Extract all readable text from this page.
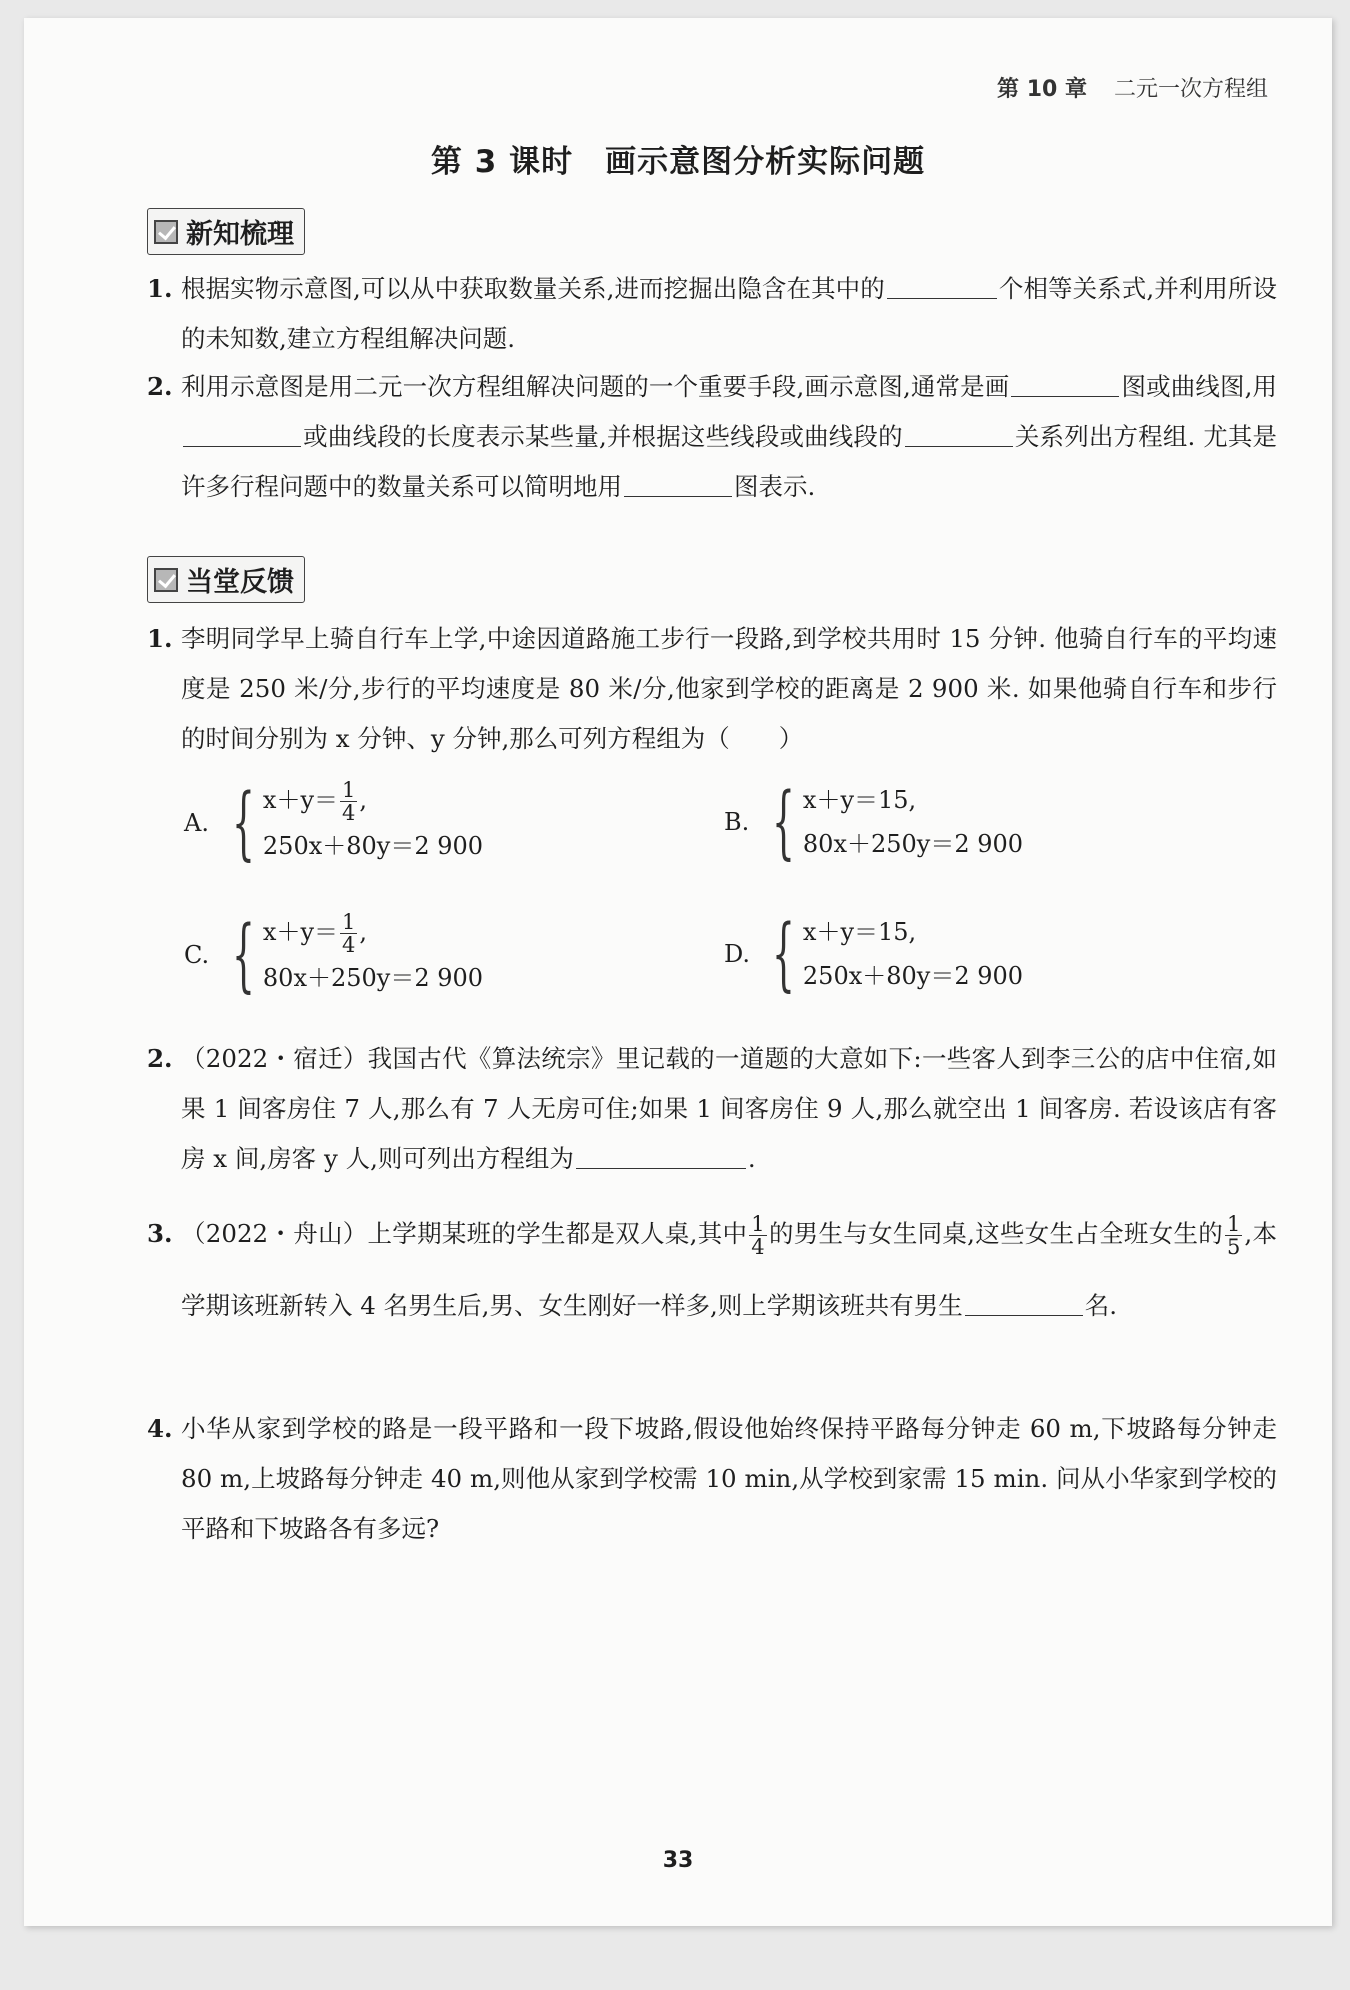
第 10 章 二元一次方程组
第 3 课时　画示意图分析实际问题
新知梳理
1. 根据实物示意图,可以从中获取数量关系,进而挖掘出隐含在其中的	个相等关系式,并利用所设的未知数,建立方程组解决问题.
2. 利用示意图是用二元一次方程组解决问题的一个重要手段,画示意图,通常是画	图或曲线图,用或曲线段的长度表示某些量,并根据这些线段或曲线段的	关系列出方程组. 尤其是许多行程问题中的数量关系可以简明地用	图表示.
当堂反馈
1. 李明同学早上骑自行车上学,中途因道路施工步行一段路,到学校共用时 15 分钟. 他骑自行车的平均速度是 250 米/分,步行的平均速度是 80 米/分,他家到学校的距离是 2 900 米. 如果他骑自行车和步行的时间分别为 x 分钟、y 分钟,那么可列方程组为（　　）
A. { $x+y= \frac{1}{4}$ ,
250x＋80y＝2 900
B. { x＋y＝15,
80x＋250y＝2 900
C. { $x+y= \frac{1}{4}$ ,
80x＋250y＝2 900
D. { x＋y＝15,
250x＋80y＝2 900
2. （2022・宿迁）我国古代《算法统宗》里记载的一道题的大意如下:一些客人到李三公的店中住宿,如果 1 间客房住 7 人,那么有 7 人无房可住;如果 1 间客房住 9 人,那么就空出 1 间客房. 若设该店有客房 x 间,房客 y 人,则可列出方程组为	.
3. （2022・舟山）上学期某班的学生都是双人桌,其中 $\frac{1}{4}$ 的男生与女生同桌,这些女生占全班女生的 $\frac{1}{5}$ ,本学期该班新转入 4 名男生后,男、女生刚好一样多,则上学期该班共有男生	名.
4. 小华从家到学校的路是一段平路和一段下坡路,假设他始终保持平路每分钟走 60 m,下坡路每分钟走 80 m,上坡路每分钟走 40 m,则他从家到学校需 10 min,从学校到家需 15 min. 问从小华家到学校的平路和下坡路各有多远?
33
